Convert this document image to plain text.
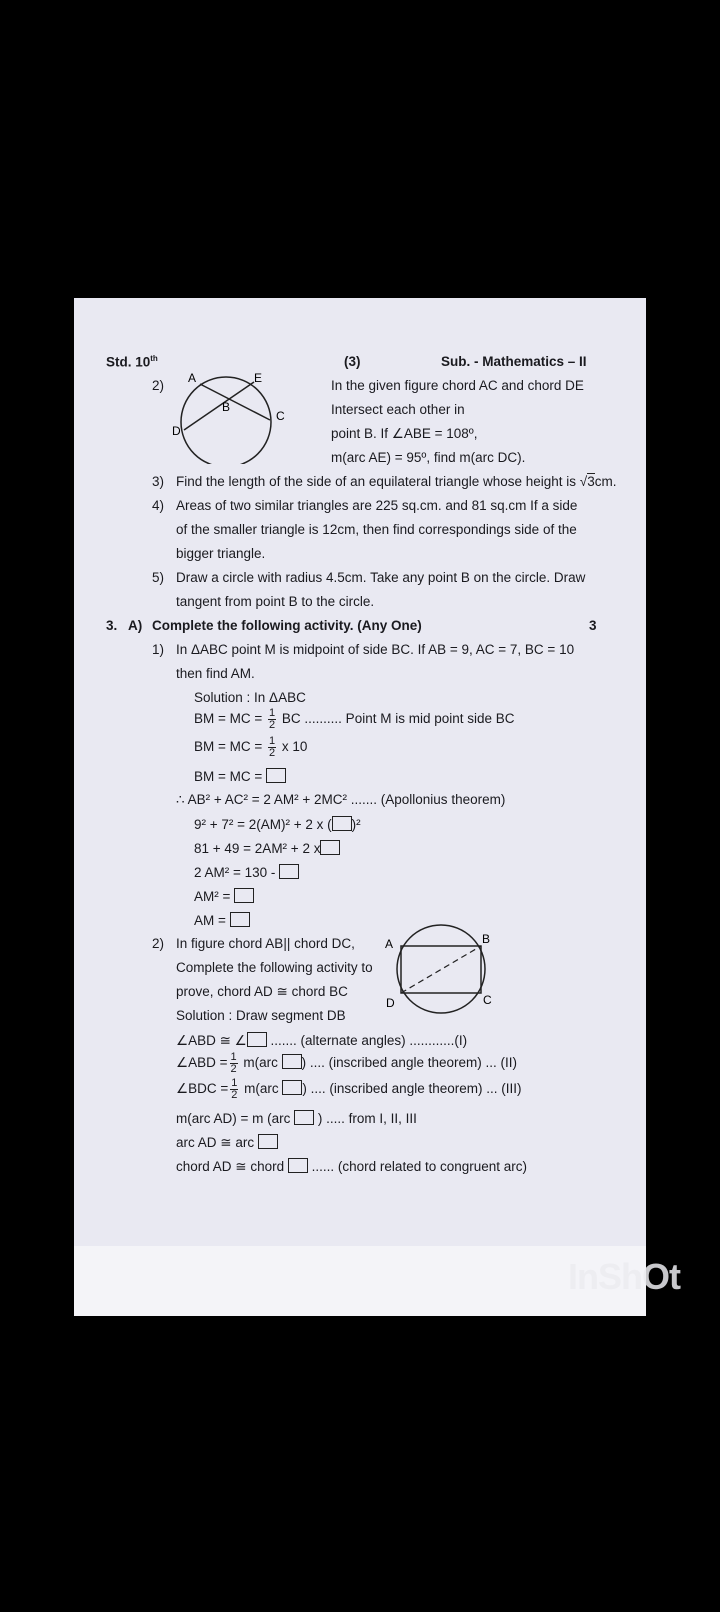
Std. 10th	(3)	Sub. - Mathematics – II
2) A	E
B
C
D
In the given figure chord AC and chord DE
Intersect each other in
point B. If ∠ABE = 108º,
m(arc AE) = 95º, find m(arc DC).
3) Find the length of the side of an equilateral triangle whose height is √3cm.
4) Areas of two similar triangles are 225 sq.cm. and 81 sq.cm If a side
of the smaller triangle is 12cm, then find correspondings side of the
bigger triangle.
5) Draw a circle with radius 4.5cm. Take any point B on the circle. Draw
tangent from point B to the circle.
3. A) Complete the following activity. (Any One)	3
1) In ΔABC point M is midpoint of side BC. If AB = 9, AC = 7, BC = 10
then find AM.
Solution : In ΔABC
BM = MC = $\frac{1}{2}$ BC .......... Point M is mid point side BC
BM = MC = $\frac{1}{2}$ x 10
BM = MC =
∴ AB² + AC² = 2 AM² + 2MC² ....... (Apollonius theorem)
9² + 7² = 2(AM)² + 2 x ( )²
81 + 49 = 2AM² + 2 x
2 AM² = 130 -
AM² =
AM =
2) In figure chord AB|| chord DC,
Complete the following activity to
prove, chord AD ≅ chord BC
Solution : Draw segment DB
A	B
C
D
∠ABD ≅ ∠ ....... (alternate angles) ............(I)
∠ABD = $\frac{1}{2} m(arc$ ) .... (inscribed angle theorem) ... (II)
∠BDC = $\frac{1}{2} m(arc$ ) .... (inscribed angle theorem) ... (III)
m(arc AD) = m (arc ) ..... from I, II, III
arc AD ≅ arc
chord AD ≅ chord ...... (chord related to congruent arc)
InShOt
